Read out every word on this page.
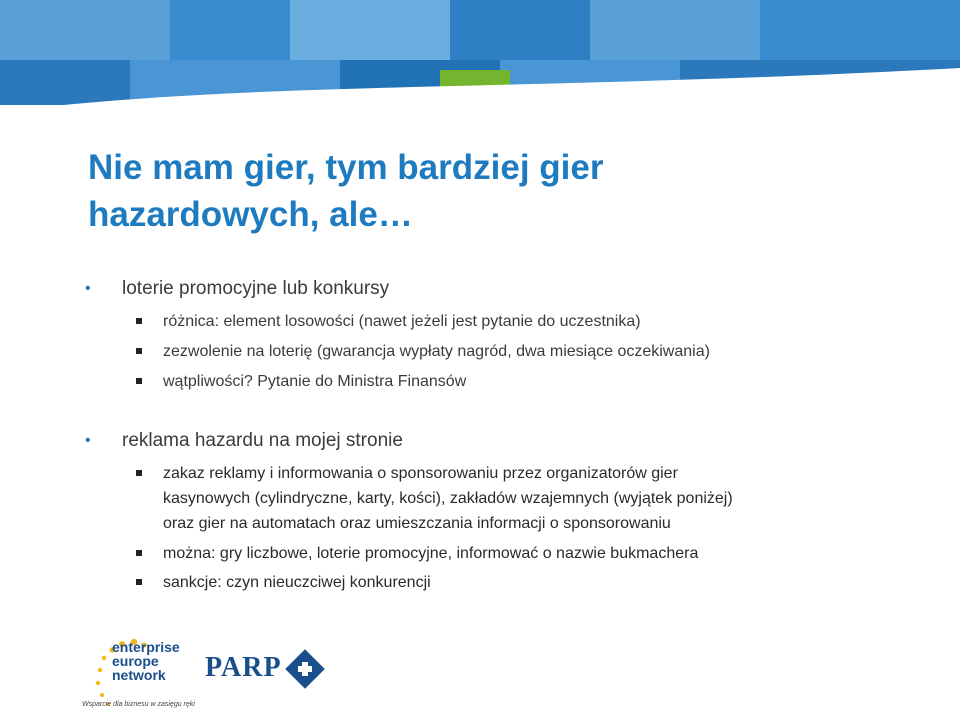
Nie mam gier, tym bardziej gier
hazardowych, ale…
• loterie promocyjne lub konkursy
różnica: element losowości (nawet jeżeli jest pytanie do uczestnika)
zezwolenie na loterię (gwarancja wypłaty nagród, dwa miesiące oczekiwania)
wątpliwości? Pytanie do Ministra Finansów
• reklama hazardu na mojej stronie
zakaz reklamy i informowania o sponsorowaniu przez organizatorów gier
kasynowych (cylindryczne, karty, kości), zakładów wzajemnych (wyjątek poniżej)
oraz gier na automatach oraz umieszczania informacji o sponsorowaniu
można: gry liczbowe, loterie promocyjne, informować o nazwie bukmachera
sankcje: czyn nieuczciwej konkurencji
enterprise
europe
network
Wsparcie dla biznesu w zasięgu ręki
PARP
